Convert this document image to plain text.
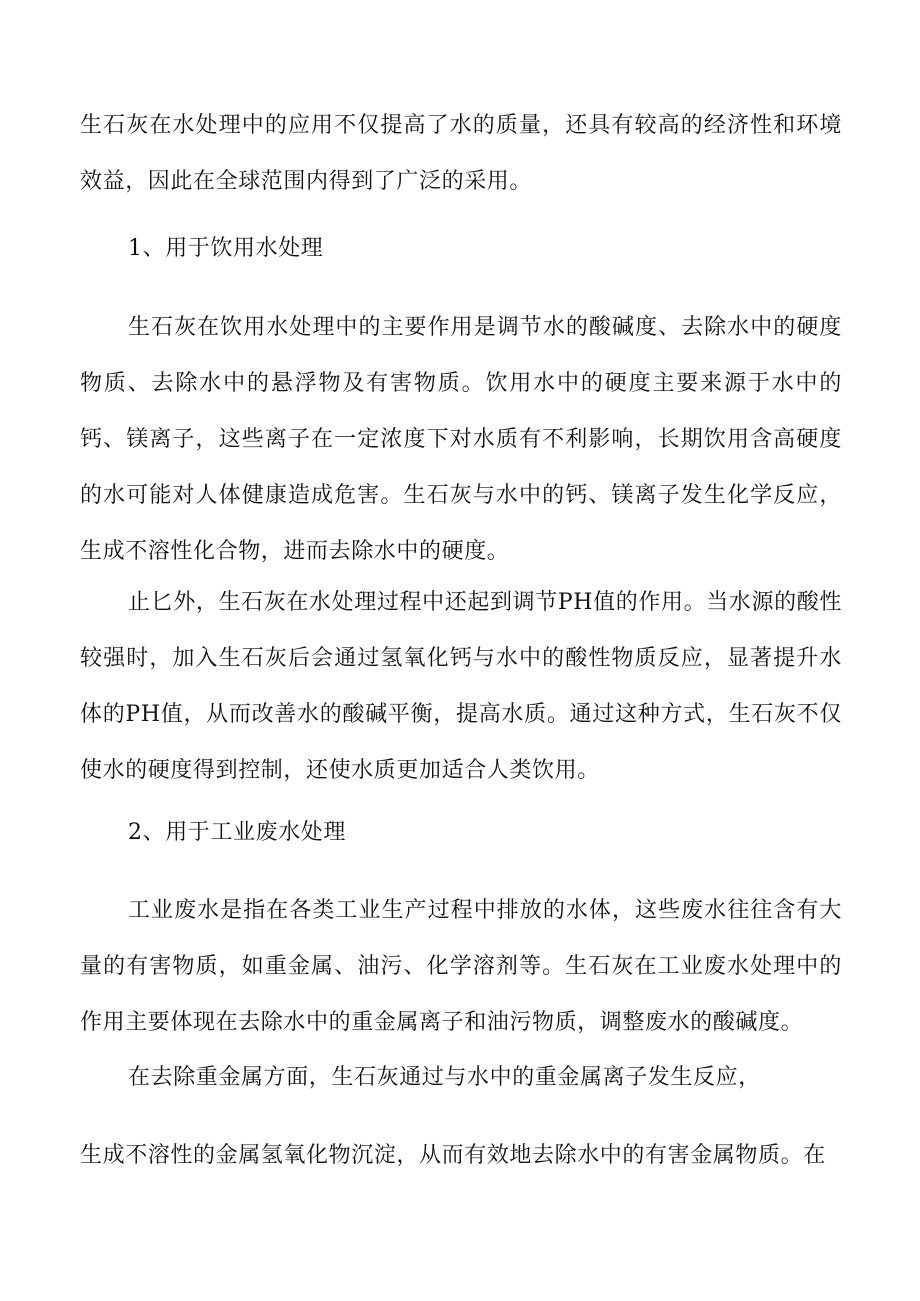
生石灰在水处理中的应用不仅提高了水的质量，还具有较高的经济性和环境效益，因此在全球范围内得到了广泛的采用。

1、用于饮用水处理

生石灰在饮用水处理中的主要作用是调节水的酸碱度、去除水中的硬度物质、去除水中的悬浮物及有害物质。饮用水中的硬度主要来源于水中的钙、镁离子，这些离子在一定浓度下对水质有不利影响，长期饮用含高硬度的水可能对人体健康造成危害。生石灰与水中的钙、镁离子发生化学反应，生成不溶性化合物，进而去除水中的硬度。

止匕外，生石灰在水处理过程中还起到调节PH值的作用。当水源的酸性较强时，加入生石灰后会通过氢氧化钙与水中的酸性物质反应，显著提升水体的PH值，从而改善水的酸碱平衡，提高水质。通过这种方式，生石灰不仅使水的硬度得到控制，还使水质更加适合人类饮用。

2、用于工业废水处理

工业废水是指在各类工业生产过程中排放的水体，这些废水往往含有大量的有害物质，如重金属、油污、化学溶剂等。生石灰在工业废水处理中的作用主要体现在去除水中的重金属离子和油污物质，调整废水的酸碱度。

在去除重金属方面，生石灰通过与水中的重金属离子发生反应，

生成不溶性的金属氢氧化物沉淀，从而有效地去除水中的有害金属物质。在
